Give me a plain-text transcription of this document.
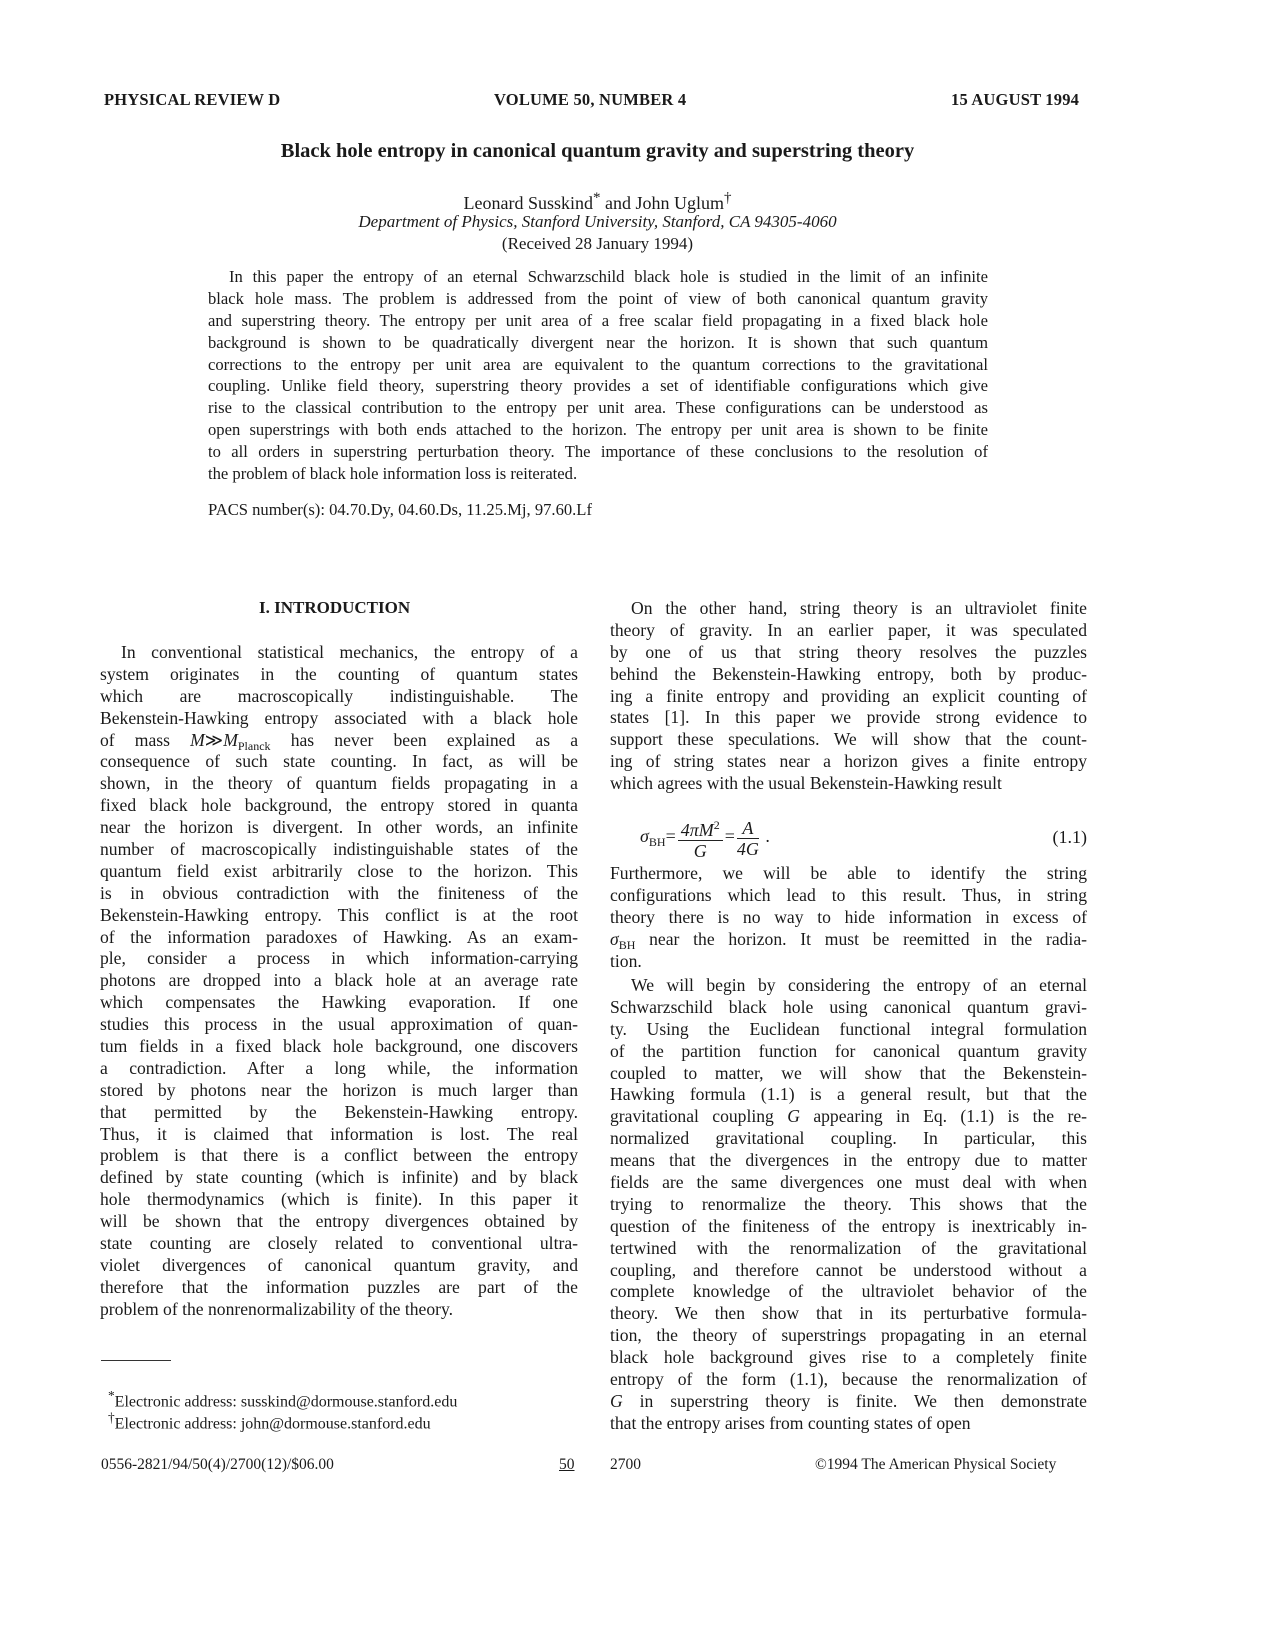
PHYSICAL REVIEW D	VOLUME 50, NUMBER 4	15 AUGUST 1994
Black hole entropy in canonical quantum gravity and superstring theory
Leonard Susskind* and John Uglum†
Department of Physics, Stanford University, Stanford, CA 94305-4060
(Received 28 January 1994)
In this paper the entropy of an eternal Schwarzschild black hole is studied in the limit of an infinite
black hole mass. The problem is addressed from the point of view of both canonical quantum gravity
and superstring theory. The entropy per unit area of a free scalar field propagating in a fixed black hole
background is shown to be quadratically divergent near the horizon. It is shown that such quantum
corrections to the entropy per unit area are equivalent to the quantum corrections to the gravitational
coupling. Unlike field theory, superstring theory provides a set of identifiable configurations which give
rise to the classical contribution to the entropy per unit area. These configurations can be understood as
open superstrings with both ends attached to the horizon. The entropy per unit area is shown to be finite
to all orders in superstring perturbation theory. The importance of these conclusions to the resolution of
the problem of black hole information loss is reiterated.
PACS number(s): 04.70.Dy, 04.60.Ds, 11.25.Mj, 97.60.Lf
I. INTRODUCTION
In conventional statistical mechanics, the entropy of a
system originates in the counting of quantum states
which are macroscopically indistinguishable. The
Bekenstein-Hawking entropy associated with a black hole
of mass $M≫M_{Planck}$ has never been explained as a
consequence of such state counting. In fact, as will be
shown, in the theory of quantum fields propagating in a
fixed black hole background, the entropy stored in quanta
near the horizon is divergent. In other words, an infinite
number of macroscopically indistinguishable states of the
quantum field exist arbitrarily close to the horizon. This
is in obvious contradiction with the finiteness of the
Bekenstein-Hawking entropy. This conflict is at the root
of the information paradoxes of Hawking. As an exam-
ple, consider a process in which information-carrying
photons are dropped into a black hole at an average rate
which compensates the Hawking evaporation. If one
studies this process in the usual approximation of quan-
tum fields in a fixed black hole background, one discovers
a contradiction. After a long while, the information
stored by photons near the horizon is much larger than
that permitted by the Bekenstein-Hawking entropy.
Thus, it is claimed that information is lost. The real
problem is that there is a conflict between the entropy
defined by state counting (which is infinite) and by black
hole thermodynamics (which is finite). In this paper it
will be shown that the entropy divergences obtained by
state counting are closely related to conventional ultra-
violet divergences of canonical quantum gravity, and
therefore that the information puzzles are part of the
problem of the nonrenormalizability of the theory.
On the other hand, string theory is an ultraviolet finite
theory of gravity. In an earlier paper, it was speculated
by one of us that string theory resolves the puzzles
behind the Bekenstein-Hawking entropy, both by produc-
ing a finite entropy and providing an explicit counting of
states [1]. In this paper we provide strong evidence to
support these speculations. We will show that the count-
ing of string states near a horizon gives a finite entropy
which agrees with the usual Bekenstein-Hawking result
$\sigma_{BH}= \frac{4\pi M^2}{G} = \frac{A}{4G}$ .	(1.1)
Furthermore, we will be able to identify the string
configurations which lead to this result. Thus, in string
theory there is no way to hide information in excess of
$\sigma_{BH}$ near the horizon. It must be reemitted in the radia-
tion.
We will begin by considering the entropy of an eternal
Schwarzschild black hole using canonical quantum gravi-
ty. Using the Euclidean functional integral formulation
of the partition function for canonical quantum gravity
coupled to matter, we will show that the Bekenstein-
Hawking formula (1.1) is a general result, but that the
gravitational coupling G appearing in Eq. (1.1) is the re-
normalized gravitational coupling. In particular, this
means that the divergences in the entropy due to matter
fields are the same divergences one must deal with when
trying to renormalize the theory. This shows that the
question of the finiteness of the entropy is inextricably in-
tertwined with the renormalization of the gravitational
coupling, and therefore cannot be understood without a
complete knowledge of the ultraviolet behavior of the
theory. We then show that in its perturbative formula-
tion, the theory of superstrings propagating in an eternal
black hole background gives rise to a completely finite
entropy of the form (1.1), because the renormalization of
G in superstring theory is finite. We then demonstrate
that the entropy arises from counting states of open
*Electronic address: susskind@dormouse.stanford.edu
†Electronic address: john@dormouse.stanford.edu
0556-2821/94/50(4)/2700(12)/$06.00	50 2700	©1994 The American Physical Society
